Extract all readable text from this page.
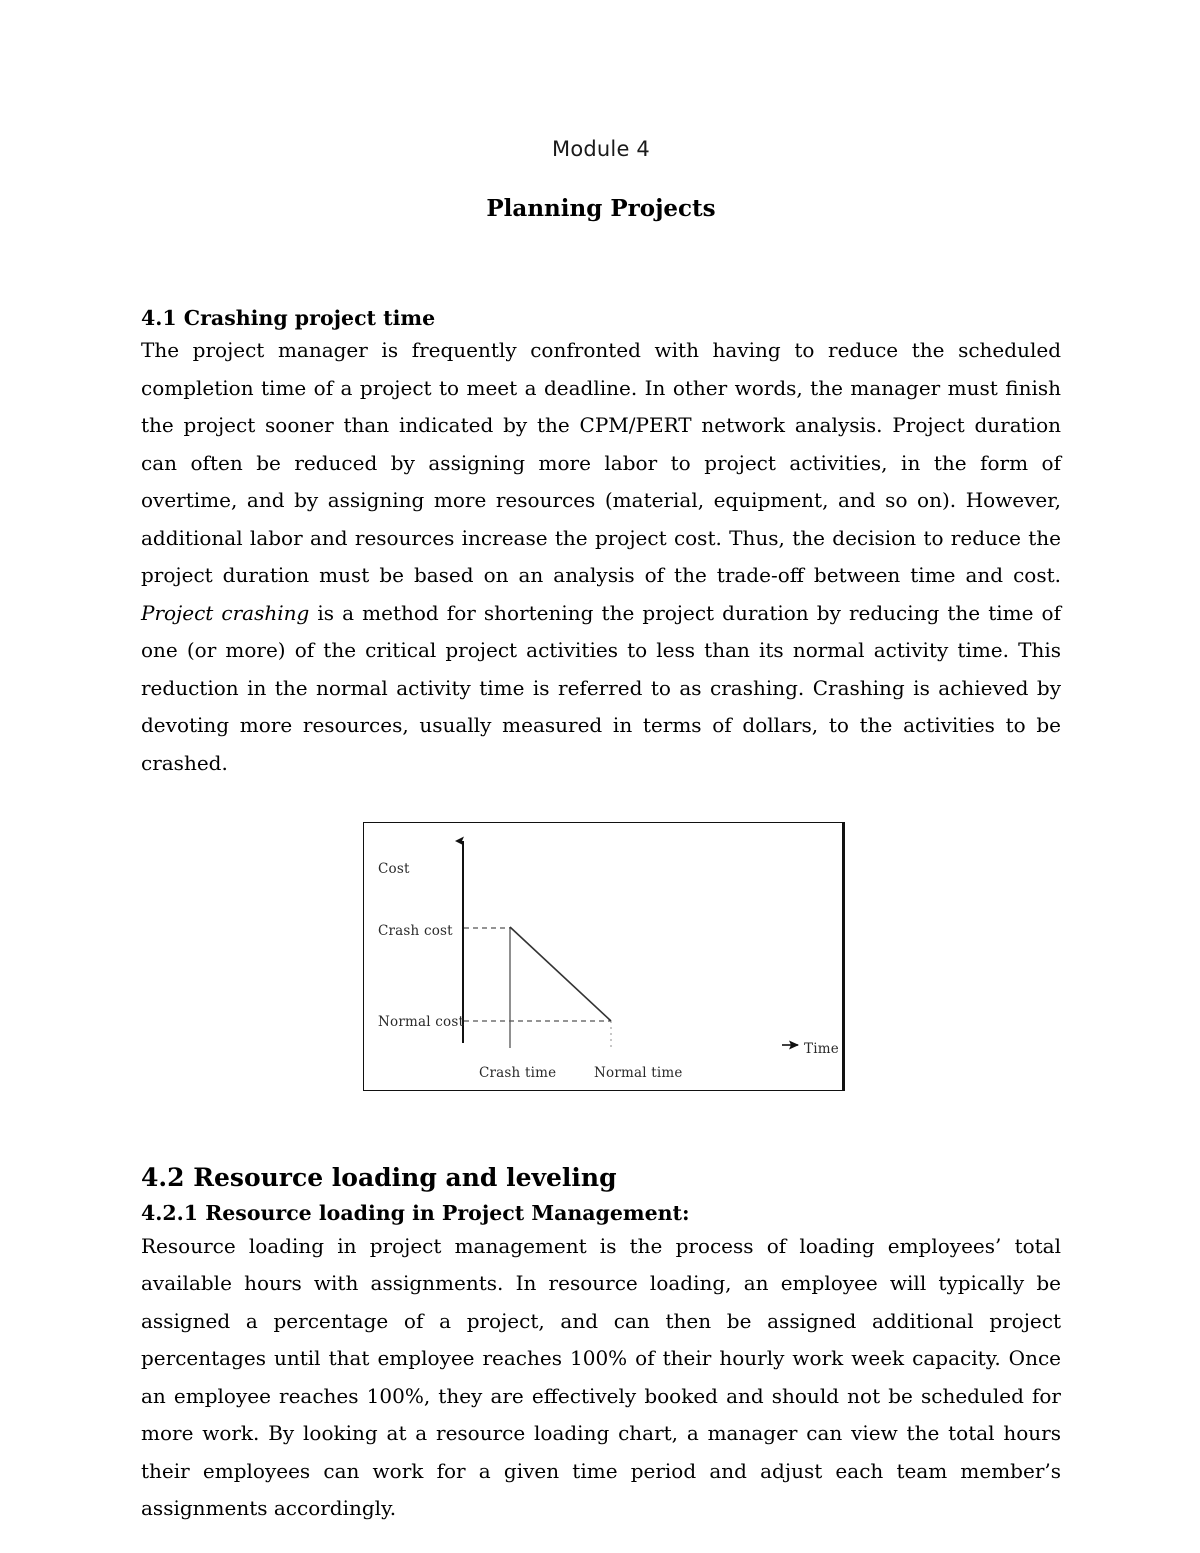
Module 4
Planning Projects
4.1 Crashing project time

The project manager is frequently confronted with having to reduce the scheduled completion time of a project to meet a deadline. In other words, the manager must finish the project sooner than indicated by the CPM/PERT network analysis. Project duration can often be reduced by assigning more labor to project activities, in the form of overtime, and by assigning more resources (material, equipment, and so on). However, additional labor and resources increase the project cost. Thus, the decision to reduce the project duration must be based on an analysis of the trade-off between time and cost. Project crashing is a method for shortening the project duration by reducing the time of one (or more) of the critical project activities to less than its normal activity time. This reduction in the normal activity time is referred to as crashing. Crashing is achieved by devoting more resources, usually measured in terms of dollars, to the activities to be crashed.

Cost
Crash cost
Normal cost
Time
Crash time	Normal time
4.2 Resource loading and leveling
4.2.1 Resource loading in Project Management:

Resource loading in project management is the process of loading employees’ total available hours with assignments. In resource loading, an employee will typically be assigned a percentage of a project, and can then be assigned additional project percentages until that employee reaches 100% of their hourly work week capacity. Once an employee reaches 100%, they are effectively booked and should not be scheduled for more work. By looking at a resource loading chart, a manager can view the total hours their employees can work for a given time period and adjust each team member’s assignments accordingly.
